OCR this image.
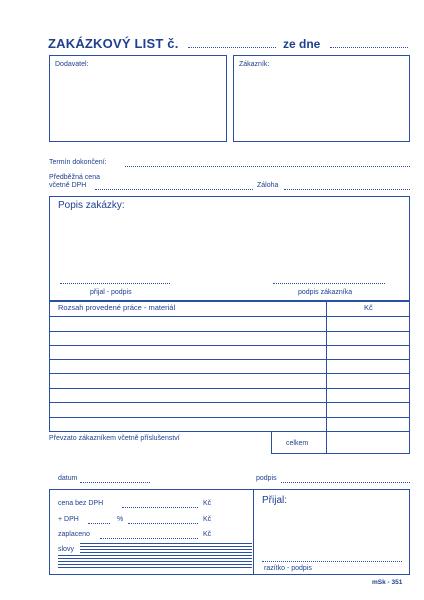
ZAKÁZKOVÝ LIST č.	ze dne
Dodavatel:	Zákazník:
Termín dokončení:
Předběžná cena
včetně DPH	Záloha
Popis zakázky:
přijal - podpis	podpis zákazníka
Rozsah provedené práce - materiál	Kč
Převzato zákazníkem včetně příslušenství
celkem
datum	podpis
cena bez DPH	Kč
+ DPH	%	Kč
zaplaceno	Kč
slovy
Přijal:
razítko - podpis
mSk - 351
